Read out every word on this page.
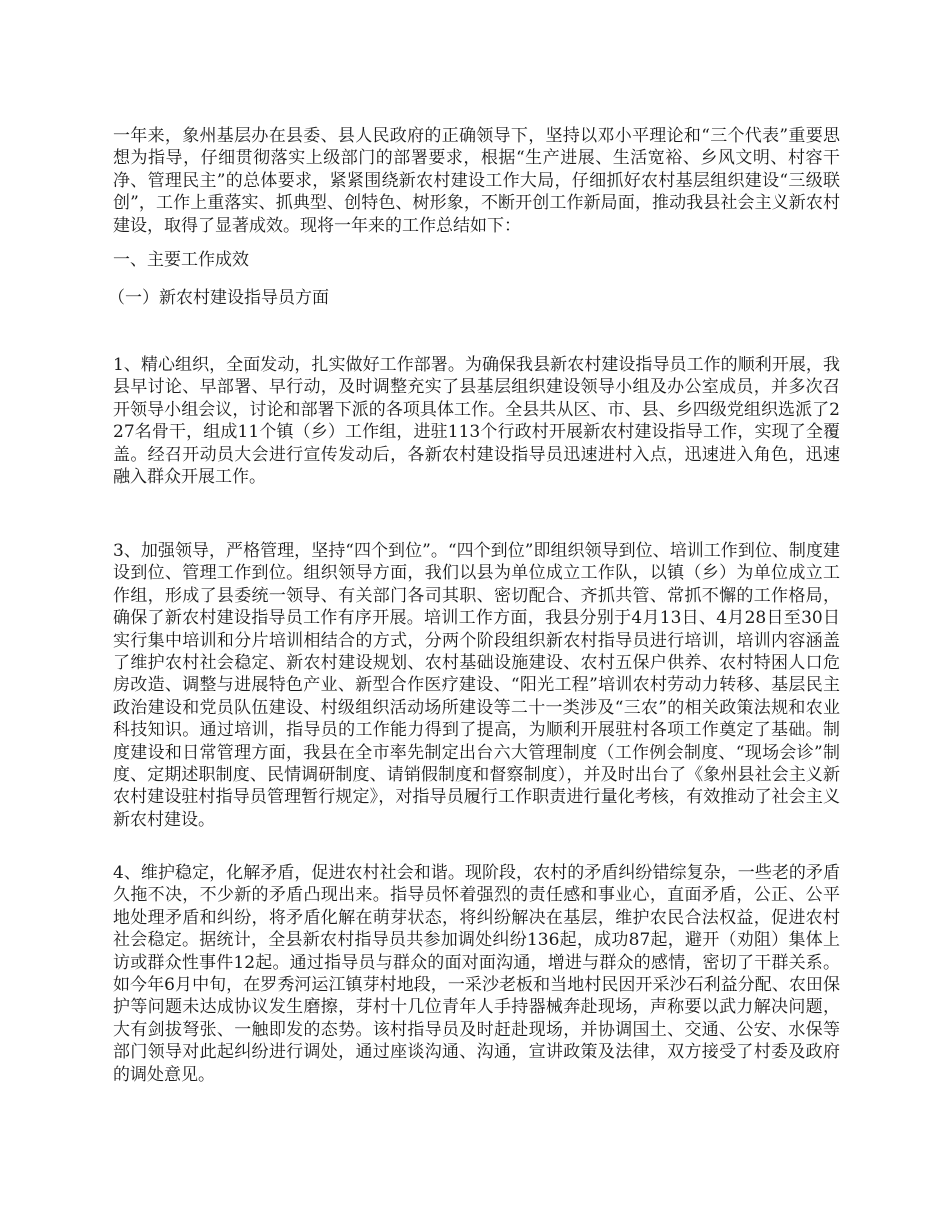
一年来，象州基层办在县委、县人民政府的正确领导下，坚持以邓小平理论和“三个代表”重要思想为指导，仔细贯彻落实上级部门的部署要求，根据“生产进展、生活宽裕、乡风文明、村容干净、管理民主”的总体要求，紧紧围绕新农村建设工作大局，仔细抓好农村基层组织建设“三级联创”，工作上重落实、抓典型、创特色、树形象，不断开创工作新局面，推动我县社会主义新农村建设，取得了显著成效。现将一年来的工作总结如下：

一、主要工作成效

（一）新农村建设指导员方面

1、精心组织，全面发动，扎实做好工作部署。为确保我县新农村建设指导员工作的顺利开展，我县早讨论、早部署、早行动，及时调整充实了县基层组织建设领导小组及办公室成员，并多次召开领导小组会议，讨论和部署下派的各项具体工作。全县共从区、市、县、乡四级党组织选派了227名骨干，组成11个镇（乡）工作组，进驻113个行政村开展新农村建设指导工作，实现了全覆盖。经召开动员大会进行宣传发动后，各新农村建设指导员迅速进村入点，迅速进入角色，迅速融入群众开展工作。

3、加强领导，严格管理，坚持“四个到位”。“四个到位”即组织领导到位、培训工作到位、制度建设到位、管理工作到位。组织领导方面，我们以县为单位成立工作队，以镇（乡）为单位成立工作组，形成了县委统一领导、有关部门各司其职、密切配合、齐抓共管、常抓不懈的工作格局，确保了新农村建设指导员工作有序开展。培训工作方面，我县分别于4月13日、4月28日至30日实行集中培训和分片培训相结合的方式，分两个阶段组织新农村指导员进行培训，培训内容涵盖了维护农村社会稳定、新农村建设规划、农村基础设施建设、农村五保户供养、农村特困人口危房改造、调整与进展特色产业、新型合作医疗建设、“阳光工程”培训农村劳动力转移、基层民主政治建设和党员队伍建设、村级组织活动场所建设等二十一类涉及“三农”的相关政策法规和农业科技知识。通过培训，指导员的工作能力得到了提高，为顺利开展驻村各项工作奠定了基础。制度建设和日常管理方面，我县在全市率先制定出台六大管理制度（工作例会制度、“现场会诊”制度、定期述职制度、民情调研制度、请销假制度和督察制度），并及时出台了《象州县社会主义新农村建设驻村指导员管理暂行规定》，对指导员履行工作职责进行量化考核，有效推动了社会主义新农村建设。

4、维护稳定，化解矛盾，促进农村社会和谐。现阶段，农村的矛盾纠纷错综复杂，一些老的矛盾久拖不决，不少新的矛盾凸现出来。指导员怀着强烈的责任感和事业心，直面矛盾，公正、公平地处理矛盾和纠纷，将矛盾化解在萌芽状态，将纠纷解决在基层，维护农民合法权益，促进农村社会稳定。据统计，全县新农村指导员共参加调处纠纷136起，成功87起，避开（劝阻）集体上访或群众性事件12起。通过指导员与群众的面对面沟通，增进与群众的感情，密切了干群关系。如今年6月中旬，在罗秀河运江镇芽村地段，一采沙老板和当地村民因开采沙石利益分配、农田保护等问题未达成协议发生磨擦，芽村十几位青年人手持器械奔赴现场，声称要以武力解决问题，大有剑拔弩张、一触即发的态势。该村指导员及时赶赴现场，并协调国土、交通、公安、水保等部门领导对此起纠纷进行调处，通过座谈沟通、沟通，宣讲政策及法律，双方接受了村委及政府的调处意见。
